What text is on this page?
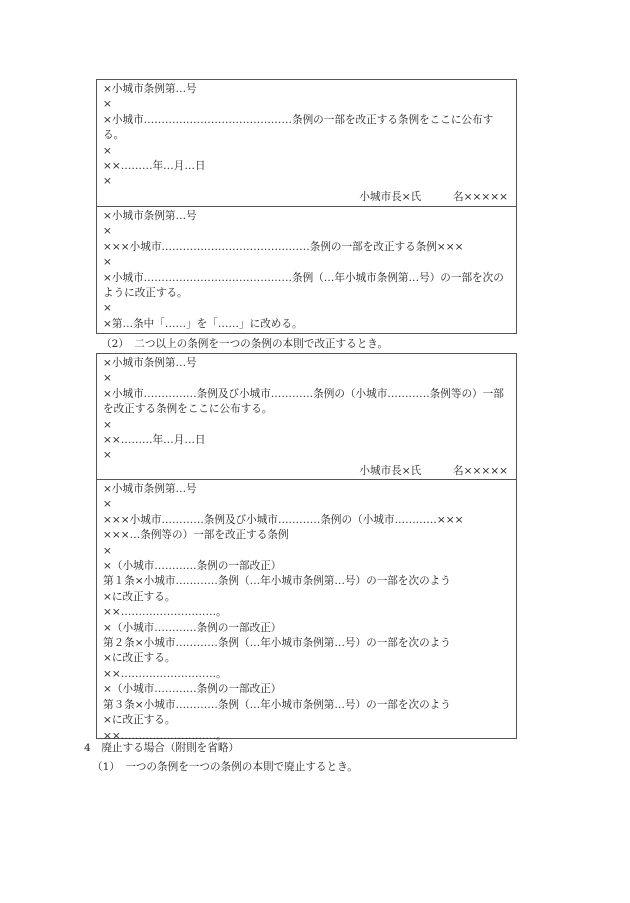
×小城市条例第…号
×
×小城市……………………………………条例の一部を改正する条例をここに公布する。
×
××………年…月…日
×
小城市長×氏　　　名×××××
×小城市条例第…号
×
×××小城市……………………………………条例の一部を改正する条例×××
×
×小城市……………………………………条例（…年小城市条例第…号）の一部を次のように改正する。
×
×第…条中「……」を「……」に改める。
（2）　二つ以上の条例を一つの条例の本則で改正するとき。
×小城市条例第…号
×
×小城市……………条例及び小城市…………条例の（小城市…………条例等の）一部を改正する条例をここに公布する。
×
××………年…月…日
×
小城市長×氏　　　名×××××
×小城市条例第…号
×
×××小城市…………条例及び小城市…………条例の（小城市…………×××
×××…条例等の）一部を改正する条例
×
×（小城市…………条例の一部改正）
第１条×小城市…………条例（…年小城市条例第…号）の一部を次のよう
×に改正する。
××………………………。
×（小城市…………条例の一部改正）
第２条×小城市…………条例（…年小城市条例第…号）の一部を次のよう
×に改正する。
××………………………。
×（小城市…………条例の一部改正）
第３条×小城市…………条例（…年小城市条例第…号）の一部を次のよう
×に改正する。
××………………………。
4　廃止する場合（附則を省略）
（1）　一つの条例を一つの条例の本則で廃止するとき。
